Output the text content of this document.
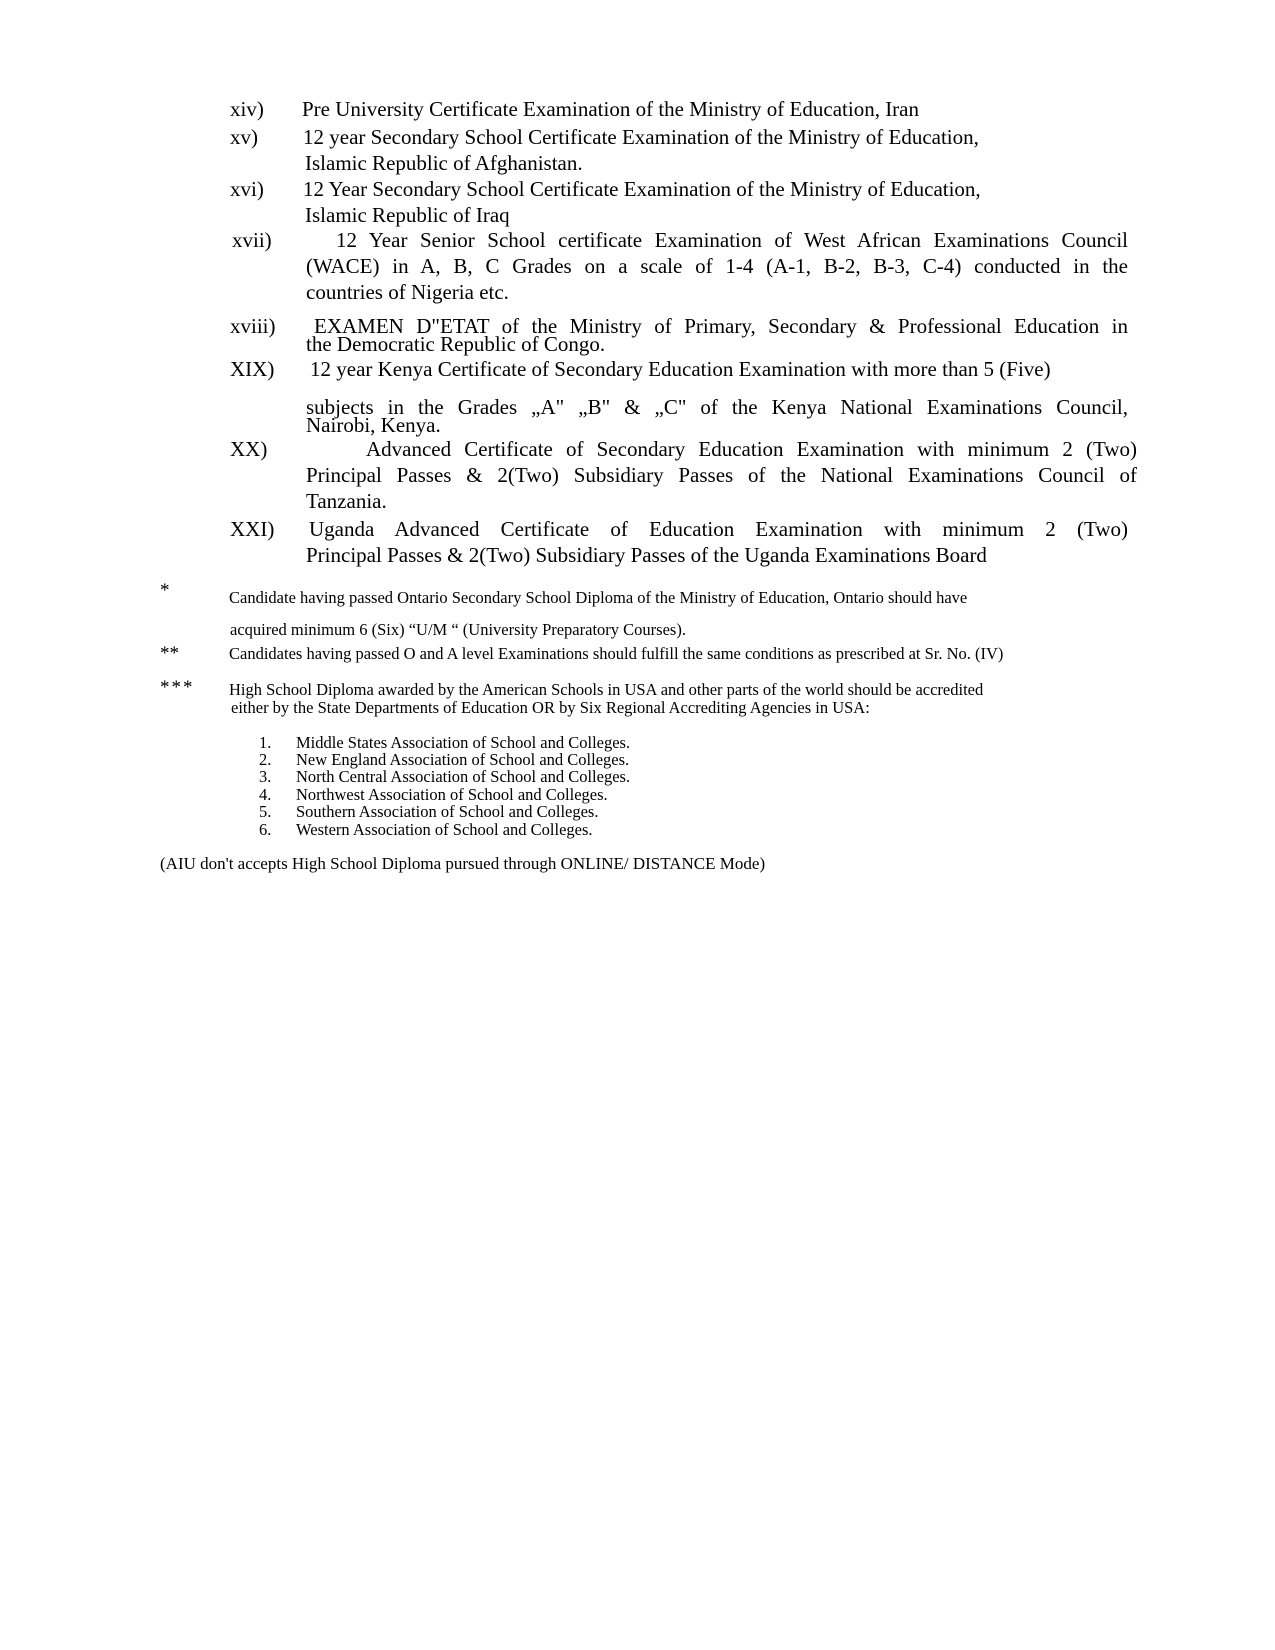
xiv) Pre University Certificate Examination of the Ministry of Education, Iran
xv) 12 year Secondary School Certificate Examination of the Ministry of Education,
Islamic Republic of Afghanistan.
xvi) 12 Year Secondary School Certificate Examination of the Ministry of Education,
Islamic Republic of Iraq
xvii)	12 Year Senior School certificate Examination of West African Examinations Council
(WACE) in A, B, C Grades on a scale of 1-4 (A-1, B-2, B-3, C-4) conducted in the
countries of Nigeria etc.
xviii) EXAMEN D"ETAT of the Ministry of Primary, Secondary & Professional Education in
the Democratic Republic of Congo.
XIX) 12 year Kenya Certificate of Secondary Education Examination with more than 5 (Five)
subjects in the Grades „A" „B" & „C" of the Kenya National Examinations Council,
Nairobi, Kenya.
XX)	Advanced Certificate of Secondary Education Examination with minimum 2 (Two)
Principal Passes & 2(Two) Subsidiary Passes of the National Examinations Council of
Tanzania.
XXI) Uganda Advanced Certificate of Education Examination with minimum 2 (Two)
Principal Passes & 2(Two) Subsidiary Passes of the Uganda Examinations Board
*	Candidate having passed Ontario Secondary School Diploma of the Ministry of Education, Ontario should have
acquired minimum 6 (Six) “U/M “ (University Preparatory Courses).
**	Candidates having passed O and A level Examinations should fulfill the same conditions as prescribed at Sr. No. (IV)
*** High School Diploma awarded by the American Schools in USA and other parts of the world should be accredited
either by the State Departments of Education OR by Six Regional Accrediting Agencies in USA:
1. Middle States Association of School and Colleges.
2. New England Association of School and Colleges.
3. North Central Association of School and Colleges.
4. Northwest Association of School and Colleges.
5. Southern Association of School and Colleges.
6. Western Association of School and Colleges.
(AIU don't accepts High School Diploma pursued through ONLINE/ DISTANCE Mode)
